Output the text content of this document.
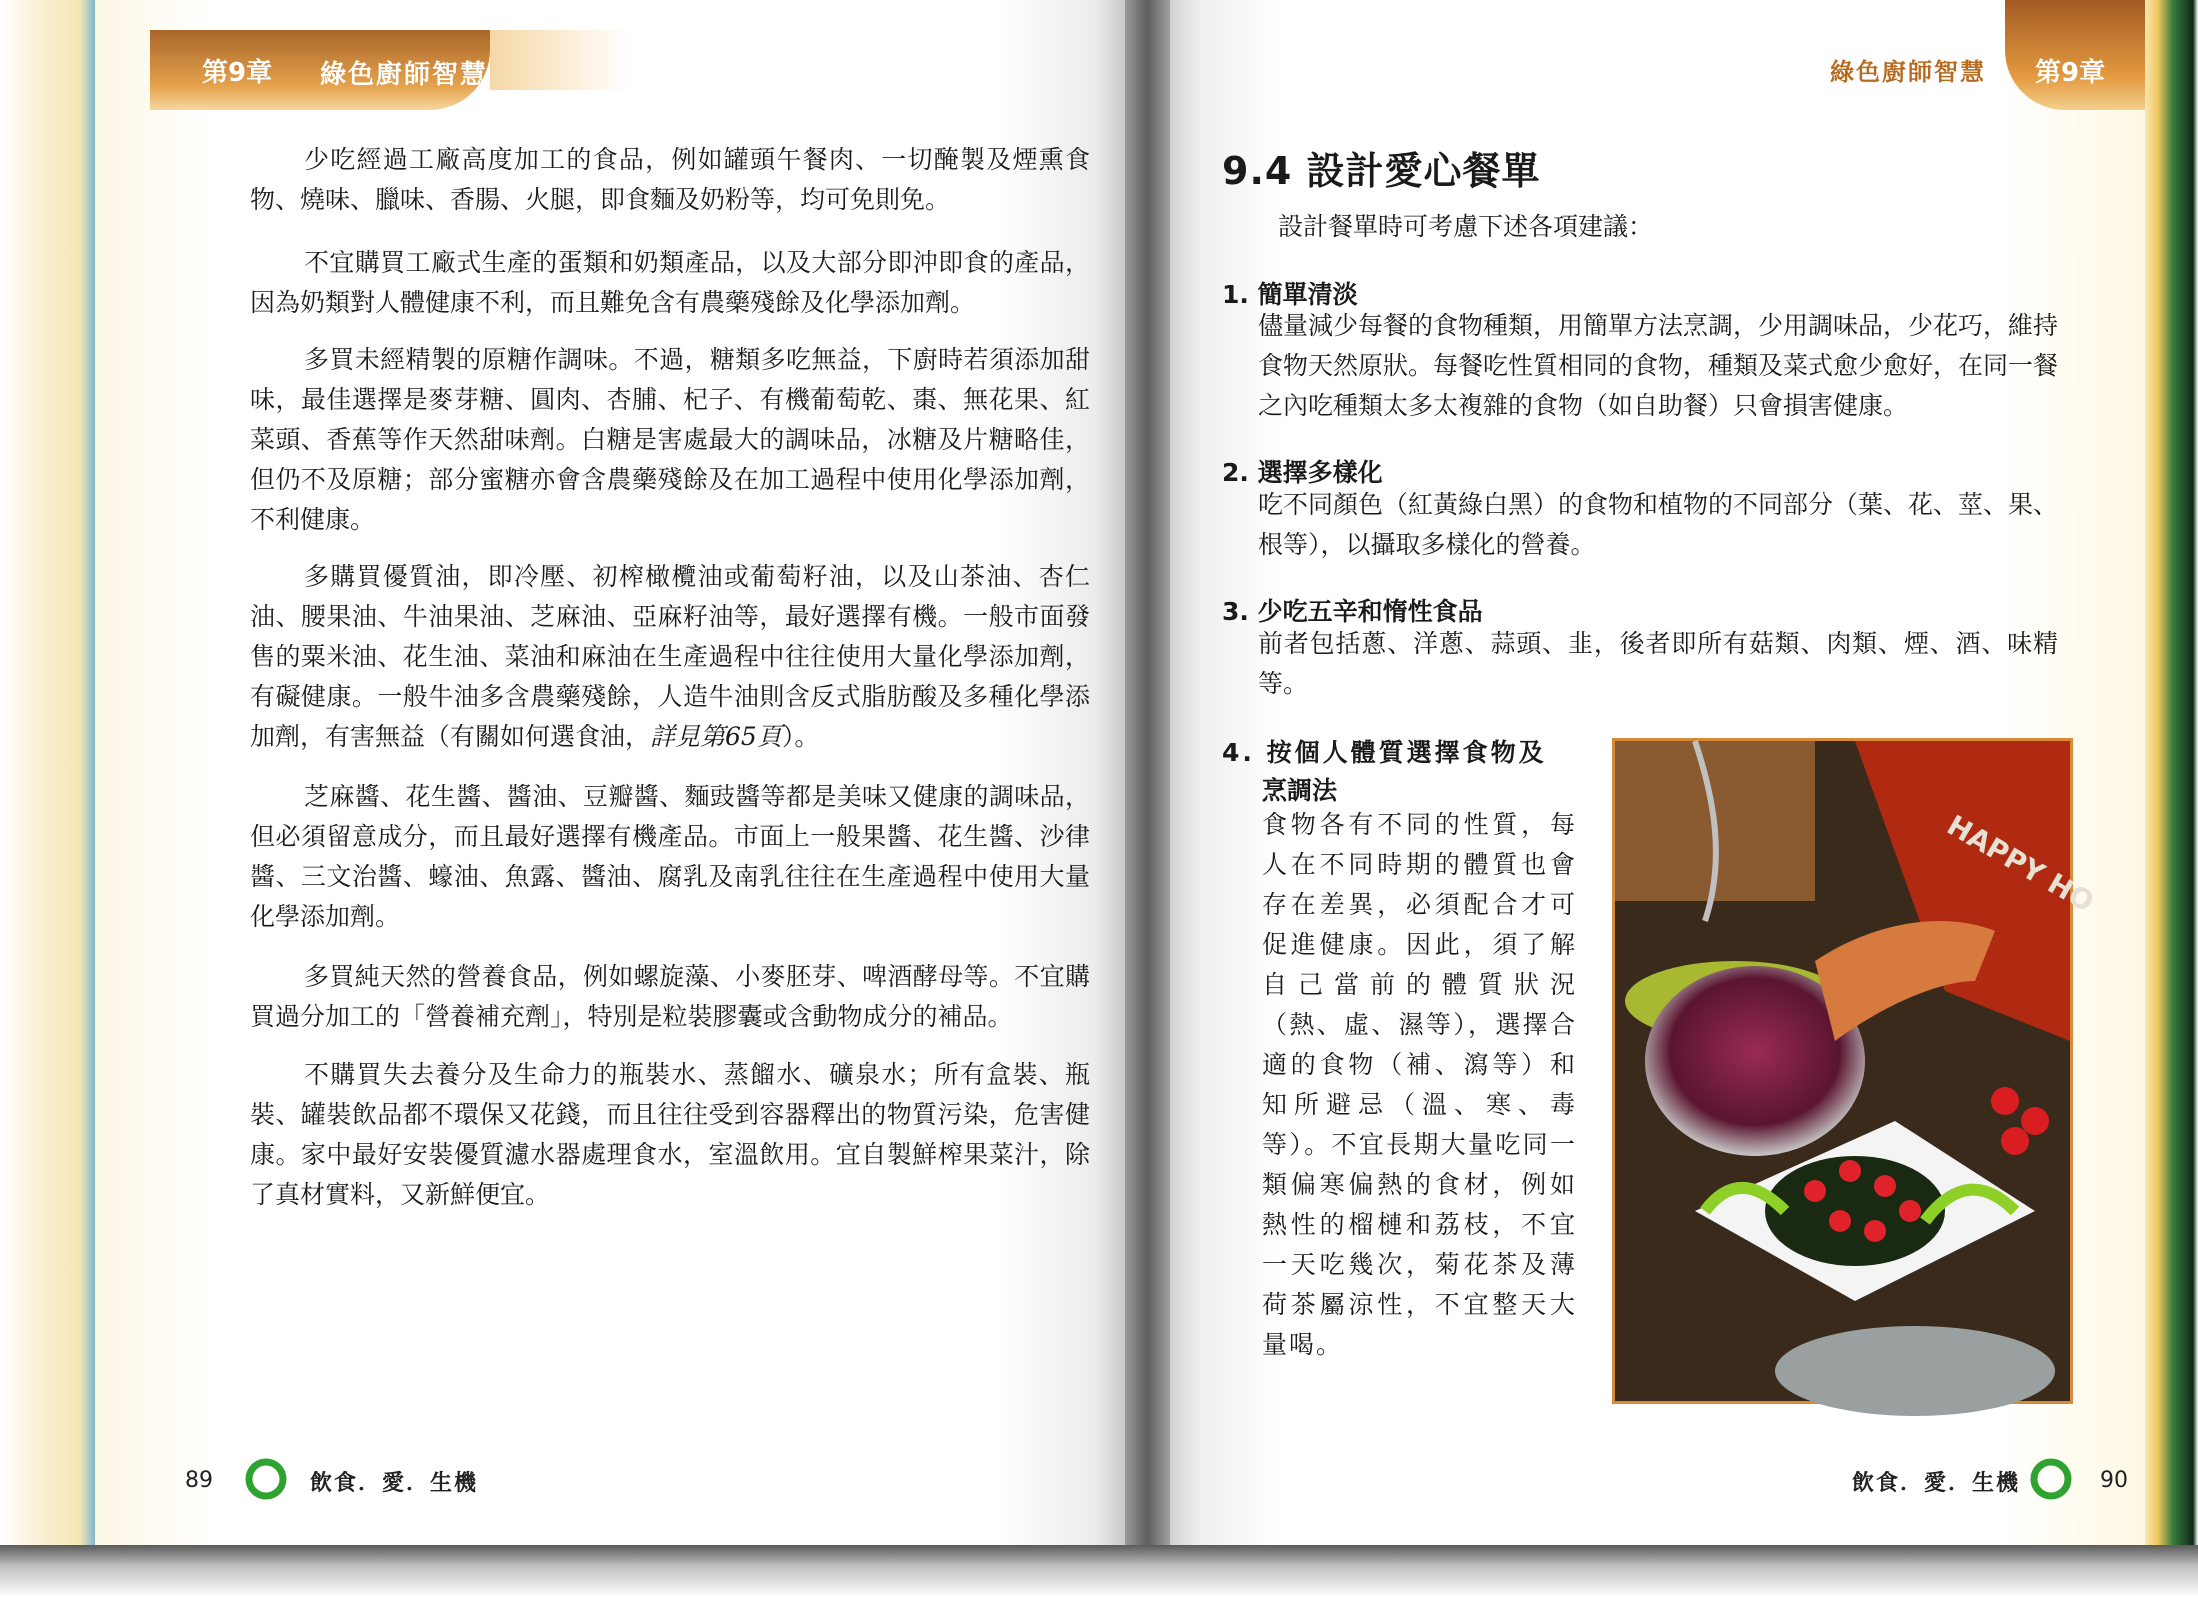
第9章 綠色廚師智慧	綠色廚師智慧 第9章

少吃經過工廠高度加工的食品，例如罐頭午餐肉、一切醃製及煙熏食物、燒味、臘味、香腸、火腿，即食麵及奶粉等，均可免則免。

不宜購買工廠式生產的蛋類和奶類產品，以及大部分即沖即食的產品，因為奶類對人體健康不利，而且難免含有農藥殘餘及化學添加劑。

多買未經精製的原糖作調味。不過，糖類多吃無益，下廚時若須添加甜味，最佳選擇是麥芽糖、圓肉、杏脯、杞子、有機葡萄乾、棗、無花果、紅菜頭、香蕉等作天然甜味劑。白糖是害處最大的調味品，冰糖及片糖略佳，但仍不及原糖；部分蜜糖亦會含農藥殘餘及在加工過程中使用化學添加劑，不利健康。

多購買優質油，即冷壓、初榨橄欖油或葡萄籽油，以及山茶油、杏仁油、腰果油、牛油果油、芝麻油、亞麻籽油等，最好選擇有機。一般市面發售的粟米油、花生油、菜油和麻油在生產過程中往往使用大量化學添加劑，有礙健康。一般牛油多含農藥殘餘，人造牛油則含反式脂肪酸及多種化學添加劑，有害無益（有關如何選食油，詳見第65頁）。

芝麻醬、花生醬、醬油、豆瓣醬、麵豉醬等都是美味又健康的調味品，但必須留意成分，而且最好選擇有機產品。市面上一般果醬、花生醬、沙律醬、三文治醬、蠔油、魚露、醬油、腐乳及南乳往往在生產過程中使用大量化學添加劑。

多買純天然的營養食品，例如螺旋藻、小麥胚芽、啤酒酵母等。不宜購買過分加工的「營養補充劑」，特別是粒裝膠囊或含動物成分的補品。

不購買失去養分及生命力的瓶裝水、蒸餾水、礦泉水；所有盒裝、瓶裝、罐裝飲品都不環保又花錢，而且往往受到容器釋出的物質污染，危害健康。家中最好安裝優質濾水器處理食水，室溫飲用。宜自製鮮榨果菜汁，除了真材實料，又新鮮便宜。

9.4 設計愛心餐單
設計餐單時可考慮下述各項建議：
1. 簡單清淡

儘量減少每餐的食物種類，用簡單方法烹調，少用調味品，少花巧，維持食物天然原狀。每餐吃性質相同的食物，種類及菜式愈少愈好，在同一餐之內吃種類太多太複雜的食物（如自助餐）只會損害健康。

2. 選擇多樣化

吃不同顏色（紅黃綠白黑）的食物和植物的不同部分（葉、花、莖、果、根等），以攝取多樣化的營養。

3. 少吃五辛和惰性食品

前者包括蔥、洋蔥、蒜頭、韭，後者即所有菇類、肉類、煙、酒、味精等。

4. 按個人體質選擇食物及
烹調法

食物各有不同的性質，每人在不同時期的體質也會存在差異，必須配合才可促進健康。因此，須了解自己當前的體質狀況（熱、虛、濕等），選擇合適的食物（補、瀉等）和知所避忌（溫、寒、毒等）。不宜長期大量吃同一類偏寒偏熱的食材，例如熱性的榴槤和荔枝，不宜一天吃幾次，菊花茶及薄荷茶屬涼性，不宜整天大量喝。

HAPPY HO
89	飲食．愛．生機	飲食．愛．生機	90
